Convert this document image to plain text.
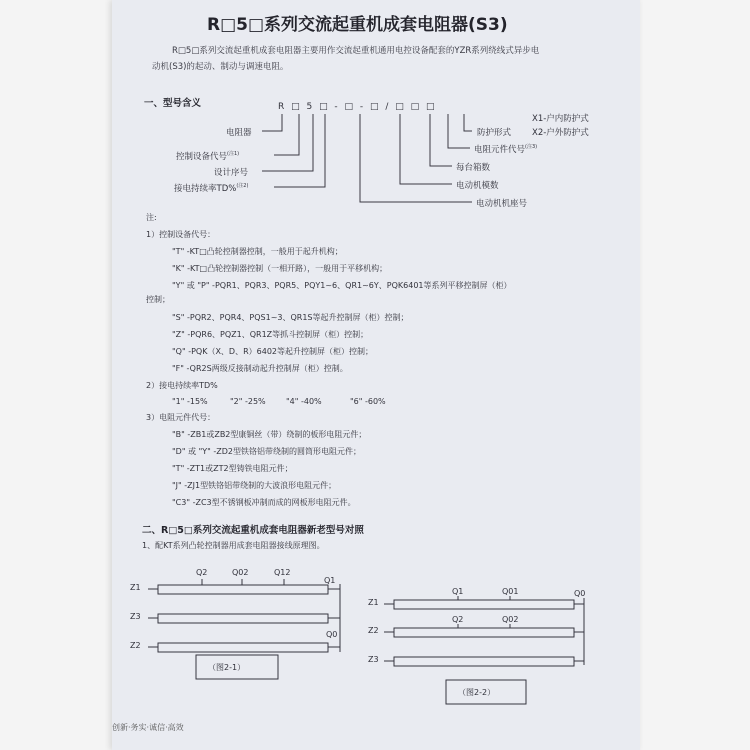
R□5□系列交流起重机成套电阻器(S3)
R□5□系列交流起重机成套电阻器主要用作交流起重机通用电控设备配套的YZR系列绕线式异步电
动机(S3)的起动、制动与调速电阻。
一、型号含义	R □ 5 □ - □ - □ / □ □ □
电阻器
控制设备代号$^{(注1)}$
设计序号
接电持续率TD%$^{(注2)}$
防护形式
X1-户内防护式
X2-户外防护式
电阻元件代号$^{(注3)}$
每台箱数
电动机模数
电动机机座号
注:
1）控制设备代号：
"T" -KT□凸轮控制器控制，一般用于起升机构；
"K" -KT□凸轮控制器控制（一相开路），一般用于平移机构；
"Y" 或 "P" -PQR1、PQR3、PQR5、PQY1~6、QR1~6Y、PQK6401等系列平移控制屏（柜）
控制；
"S" -PQR2、PQR4、PQS1~3、QR1S等起升控制屏（柜）控制；
"Z" -PQR6、PQZ1、QR1Z等抓斗控制屏（柜）控制；
"Q" -PQK（X、D、R）6402等起升控制屏（柜）控制；
"F" -QR2S两级反接制动起升控制屏（柜）控制。
2）接电持续率TD%
"1" -15%	"2" -25%	"4" -40%	"6" -60%
3）电阻元件代号：
"B" -ZB1或ZB2型康铜丝（带）绕制的板形电阻元件；
"D" 或 "Y" -ZD2型铁铬铝带绕制的圆筒形电阻元件；
"T" -ZT1或ZT2型铸铁电阻元件；
"J" -ZJ1型铁铬铝带绕制的大波浪形电阻元件；
"C3" -ZC3型不锈钢板冲制而成的网板形电阻元件。
二、R□5□系列交流起重机成套电阻器新老型号对照
1、配KT系列凸轮控制器用成套电阻器接线原理图。
Z1
Z3
Z2
Q2	Q02	Q12
Q1
Q0
（图2-1）
Z1
Z2
Z3
Q1	Q01	Q0
Q2	Q02
（图2-2）
创新·务实·诚信·高效
